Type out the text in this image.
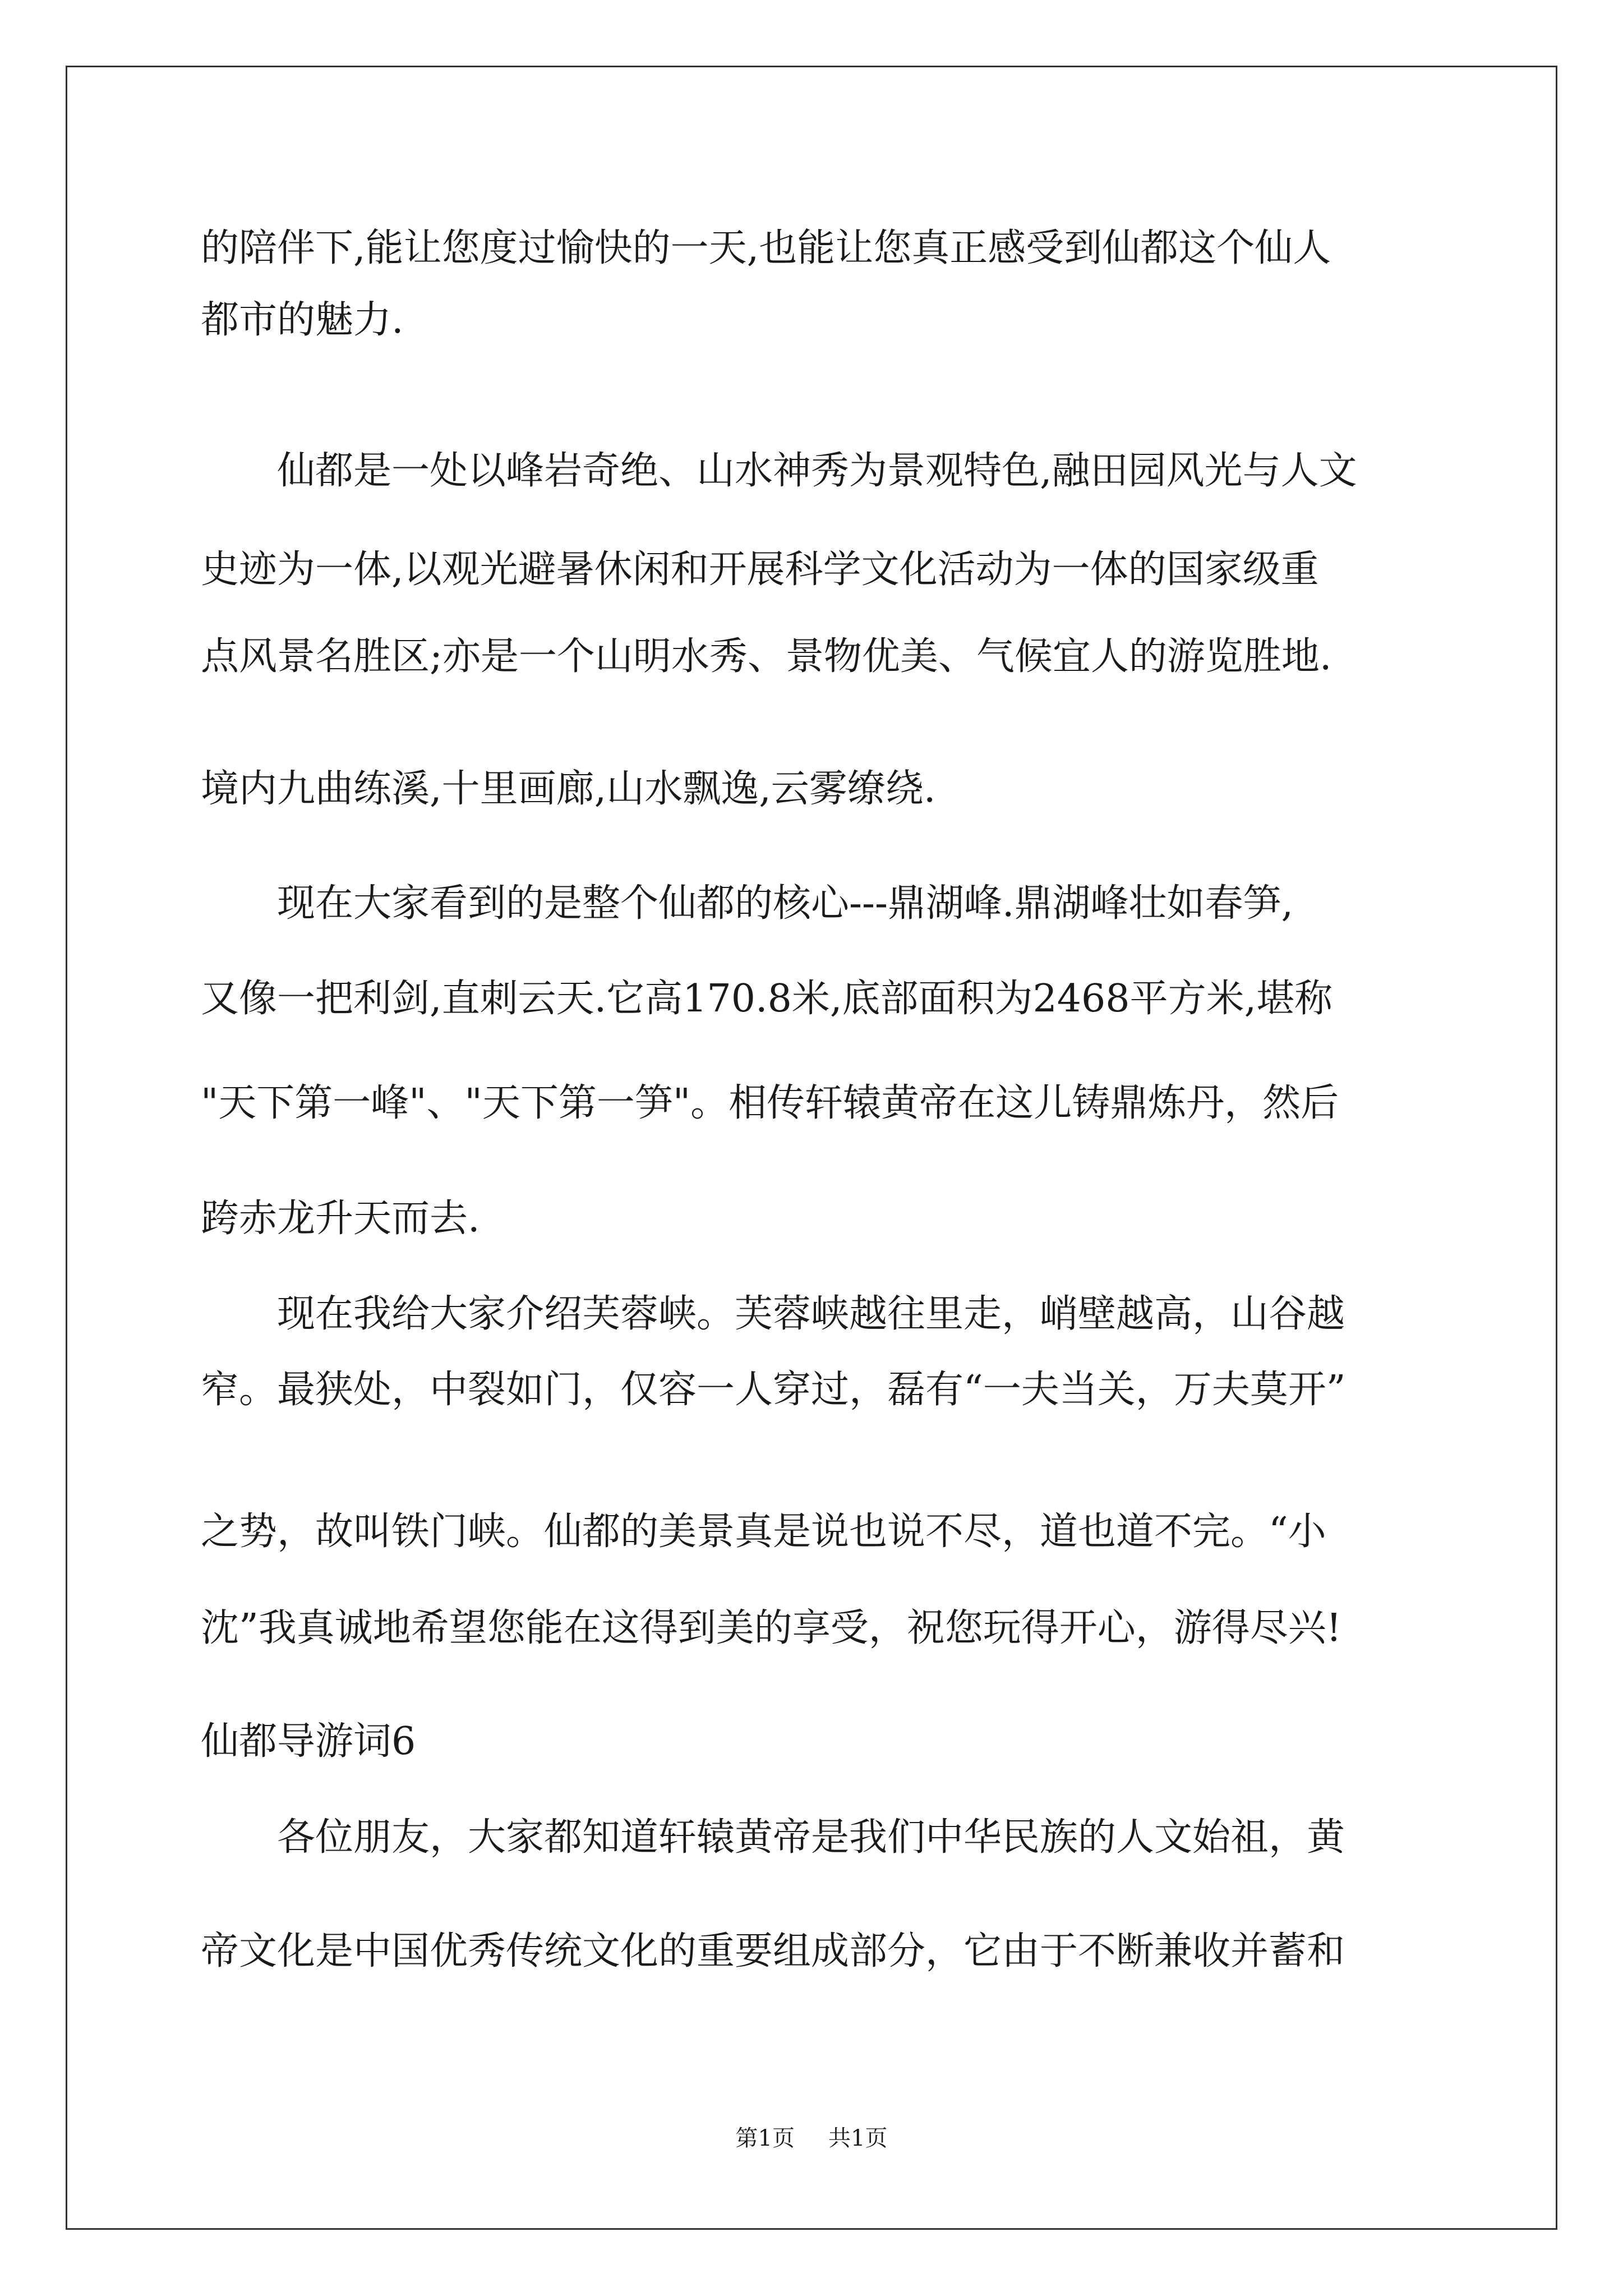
的陪伴下,能让您度过愉快的一天,也能让您真正感受到仙都这个仙人
都市的魅力.
　　仙都是一处以峰岩奇绝、山水神秀为景观特色,融田园风光与人文
史迹为一体,以观光避暑休闲和开展科学文化活动为一体的国家级重
点风景名胜区;亦是一个山明水秀、景物优美、气候宜人的游览胜地.
境内九曲练溪,十里画廊,山水飘逸,云雾缭绕.
　　现在大家看到的是整个仙都的核心---鼎湖峰.鼎湖峰壮如春笋,
又像一把利剑,直刺云天.它高170.8米,底部面积为2468平方米,堪称
"天下第一峰"、"天下第一笋"。相传轩辕黄帝在这儿铸鼎炼丹，然后
跨赤龙升天而去.
　　现在我给大家介绍芙蓉峡。芙蓉峡越往里走，峭壁越高，山谷越
窄。最狭处，中裂如门，仅容一人穿过，磊有“一夫当关，万夫莫开”
之势，故叫铁门峡。仙都的美景真是说也说不尽，道也道不完。“小
沈”我真诚地希望您能在这得到美的享受，祝您玩得开心，游得尽兴!
仙都导游词6
　　各位朋友，大家都知道轩辕黄帝是我们中华民族的人文始祖，黄
帝文化是中国优秀传统文化的重要组成部分，它由于不断兼收并蓄和
第1页 共1页
